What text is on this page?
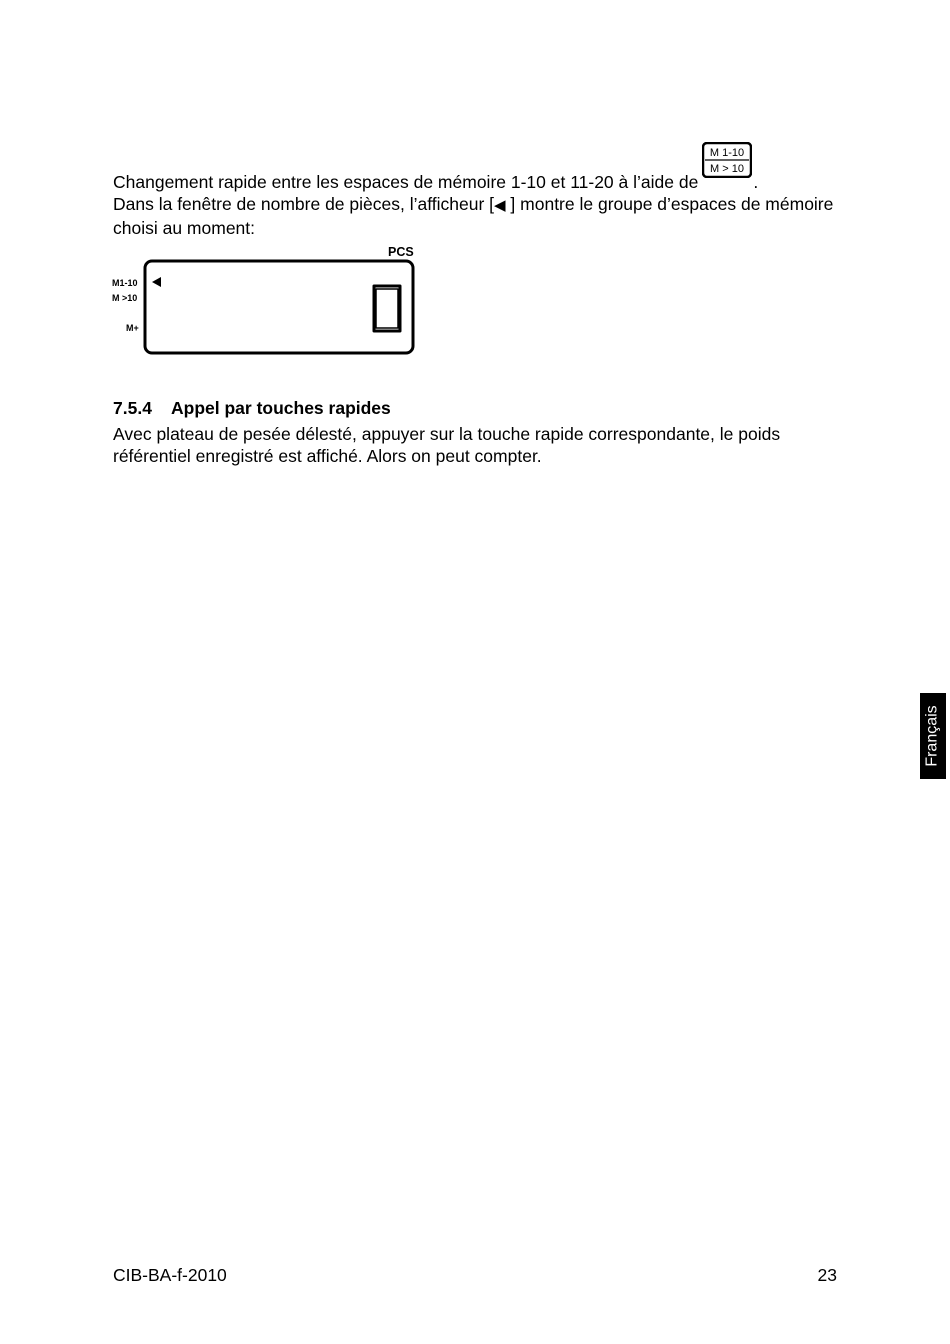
Changement rapide entre les espaces de mémoire 1-10 et 11-20 à l’aide de
M 1-10
M > 10
.
Dans la fenêtre de nombre de pièces, l’afficheur [◀ ] montre le groupe d’espaces de mémoire choisi au moment:

PCS
M1-10
M >10
M+
0
7.5.4 Appel par touches rapides

Avec plateau de pesée délesté, appuyer sur la touche rapide correspondante, le poids référentiel enregistré est affiché. Alors on peut compter.

CIB-BA-f-2010	23
Français
